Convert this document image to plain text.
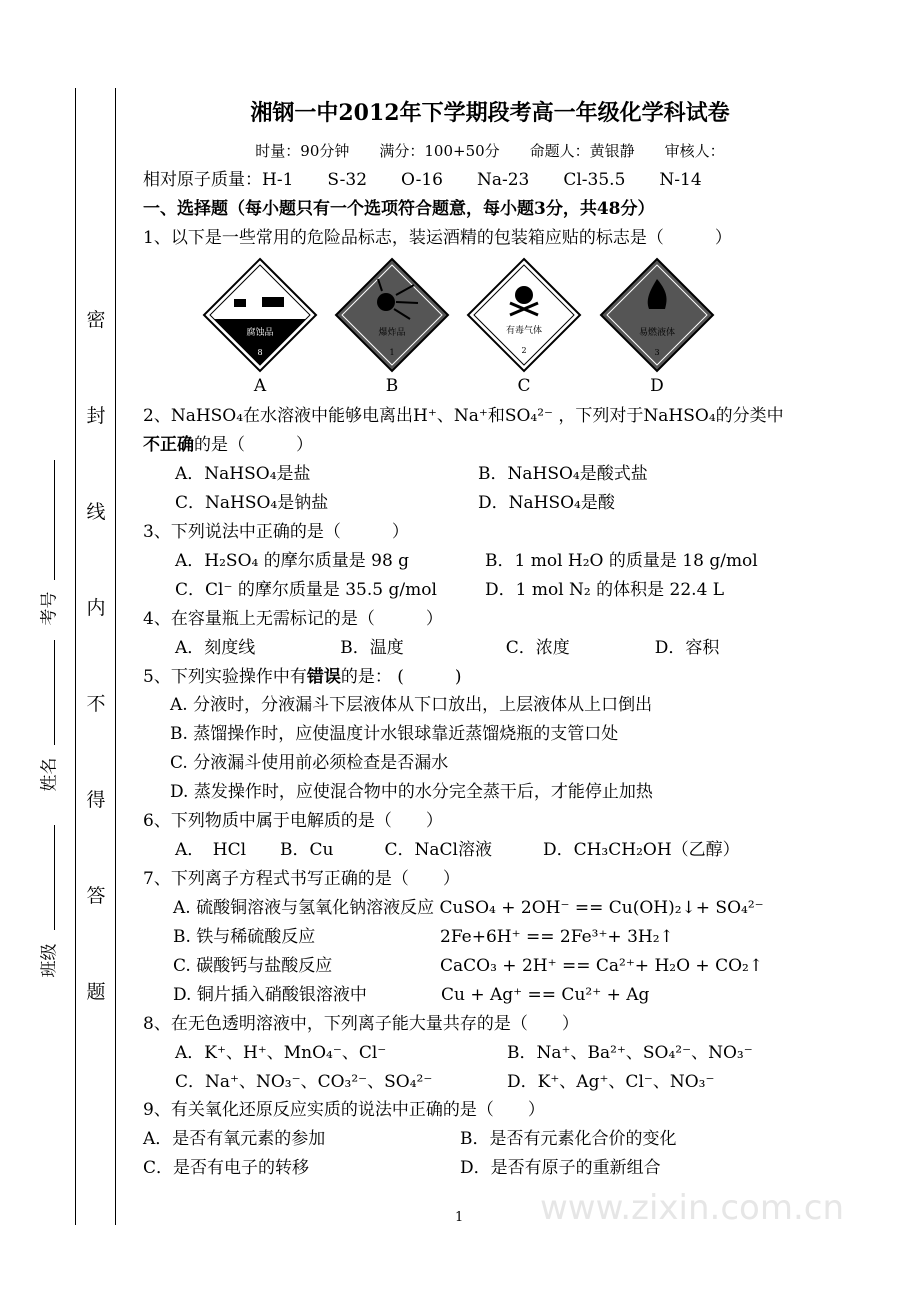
密
封
线
内
不
得
答
题
考号
姓名
班级
湘钢一中2012年下学期段考高一年级化学科试卷
时量：90分钟　　满分：100+50分　　命题人：黄银静　　审核人：
相对原子质量：H-1　　S-32　　O-16　　Na-23　　Cl-35.5　　N-14
一、选择题（每小题只有一个选项符合题意，每小题3分，共48分）
1、以下是一些常用的危险品标志，装运酒精的包装箱应贴的标志是（　　　）
腐蚀品
8
爆炸品
1
有毒气体
2
易燃液体
3
A	B	C	D
2、NaHSO₄在水溶液中能够电离出H⁺、Na⁺和SO₄²⁻ ，下列对于NaHSO₄的分类中
不正确的是（　　　）
A．NaHSO₄是盐	B．NaHSO₄是酸式盐
C．NaHSO₄是钠盐	D．NaHSO₄是酸
3、下列说法中正确的是（　　　）
A．H₂SO₄ 的摩尔质量是 98 g	B．1 mol H₂O 的质量是 18 g/mol
C．Cl⁻ 的摩尔质量是 35.5 g/mol	D．1 mol N₂ 的体积是 22.4 L
4、在容量瓶上无需标记的是（　　　）
A．刻度线　　　　　B．温度　　　　　　C．浓度　　　　　D．容积
5、下列实验操作中有错误的是： (　　　)
A. 分液时，分液漏斗下层液体从下口放出，上层液体从上口倒出
B. 蒸馏操作时，应使温度计水银球靠近蒸馏烧瓶的支管口处
C. 分液漏斗使用前必须检查是否漏水
D. 蒸发操作时，应使混合物中的水分完全蒸干后，才能停止加热
6、下列物质中属于电解质的是（　　）
A．　HCl　　B．Cu　　　C．NaCl溶液　　　D．CH₃CH₂OH（乙醇）
7、下列离子方程式书写正确的是（　　）
A. 硫酸铜溶液与氢氧化钠溶液反应 CuSO₄ + 2OH⁻ == Cu(OH)₂↓+ SO₄²⁻
B. 铁与稀硫酸反应	2Fe+6H⁺ == 2Fe³⁺+ 3H₂↑
C. 碳酸钙与盐酸反应	CaCO₃ + 2H⁺ == Ca²⁺+ H₂O + CO₂↑
D. 铜片插入硝酸银溶液中	Cu + Ag⁺ == Cu²⁺ + Ag
8、在无色透明溶液中，下列离子能大量共存的是（　　）
A．K⁺、H⁺、MnO₄⁻、Cl⁻	B．Na⁺、Ba²⁺、SO₄²⁻、NO₃⁻
C．Na⁺、NO₃⁻、CO₃²⁻、SO₄²⁻	D．K⁺、Ag⁺、Cl⁻、NO₃⁻
9、有关氧化还原反应实质的说法中正确的是（　　）
A．是否有氧元素的参加	B．是否有元素化合价的变化
C．是否有电子的转移	D．是否有原子的重新组合
www.zixin.com.cn
1
